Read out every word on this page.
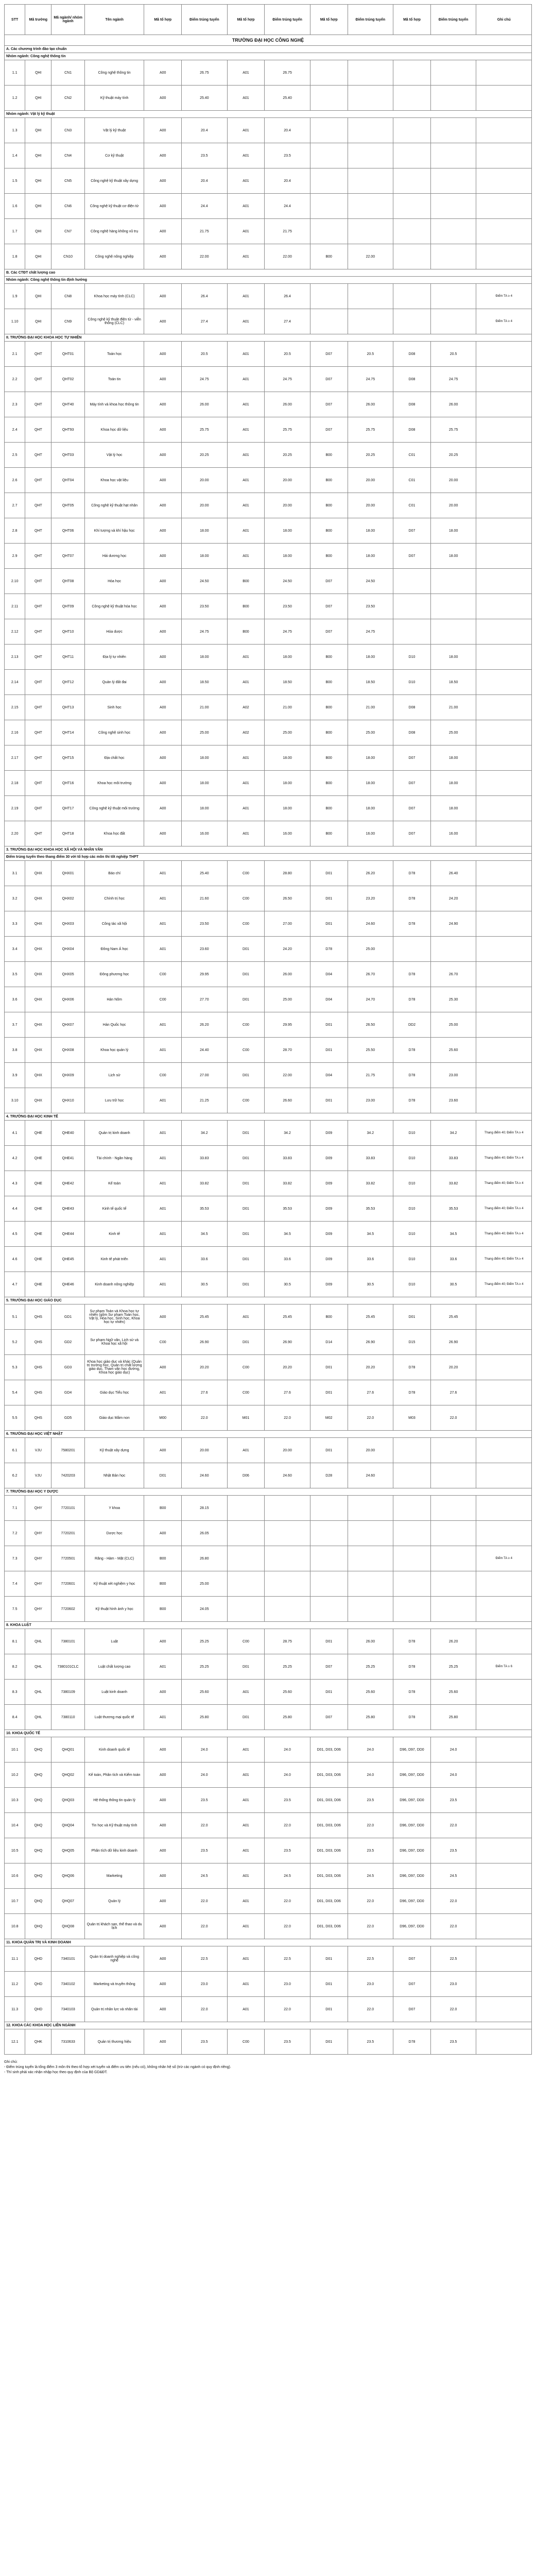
STT	Mã trường	Mã ngành/ nhóm ngành	Tên ngành	Mã tổ hợp	Điểm trúng tuyển	Mã tổ hợp	Điểm trúng tuyển	Mã tổ hợp	Điểm trúng tuyển	Mã tổ hợp	Điểm trúng tuyển	Ghi chú
TRƯỜNG ĐẠI HỌC CÔNG NGHỆ												
A. Các chương trình đào tạo chuẩn												
Nhóm ngành: Công nghệ thông tin												
1.1	QHI	CN1	Công nghệ thông tin	A00	26.75	A01	26.75					
1.2	QHI	CN2	Kỹ thuật máy tính	A00	25.40	A01	25.40					
Nhóm ngành: Vật lý kỹ thuật												
1.3	QHI	CN3	Vật lý kỹ thuật	A00	20.4	A01	20.4					
1.4	QHI	CN4	Cơ kỹ thuật	A00	23.5	A01	23.5					
1.5	QHI	CN5	Công nghệ kỹ thuật xây dựng	A00	20.4	A01	20.4					
1.6	QHI	CN6	Công nghệ kỹ thuật cơ điện tử	A00	24.4	A01	24.4					
1.7	QHI	CN7	Công nghệ hàng không vũ trụ	A00	21.75	A01	21.75					
1.8	QHI	CN10	Công nghệ nông nghiệp	A00	22.00	A01	22.00	B00	22.00			
B. Các CTĐT chất lượng cao												
Nhóm ngành: Công nghệ thông tin định hướng												
1.9	QHI	CN8	Khoa học máy tính (CLC)	A00	26.4	A01	26.4					Điểm TA ≥ 4
1.10	QHI	CN9	Công nghệ kỹ thuật điện tử - viễn thông (CLC)	A00	27.4	A01	27.4					Điểm TA ≥ 4
II. TRƯỜNG ĐẠI HỌC KHOA HỌC TỰ NHIÊN												
2.1	QHT	QHT01	Toán học	A00	20.5	A01	20.5	D07	20.5	D08	20.5	
2.2	QHT	QHT02	Toán tin	A00	24.75	A01	24.75	D07	24.75	D08	24.75	
2.3	QHT	QHT40	Máy tính và khoa học thông tin	A00	26.00	A01	26.00	D07	26.00	D08	26.00	
2.4	QHT	QHT93	Khoa học dữ liệu	A00	25.75	A01	25.75	D07	25.75	D08	25.75	
2.5	QHT	QHT03	Vật lý học	A00	20.25	A01	20.25	B00	20.25	C01	20.25	
2.6	QHT	QHT04	Khoa học vật liệu	A00	20.00	A01	20.00	B00	20.00	C01	20.00	
2.7	QHT	QHT05	Công nghệ kỹ thuật hạt nhân	A00	20.00	A01	20.00	B00	20.00	C01	20.00	
2.8	QHT	QHT06	Khí tượng và khí hậu học	A00	18.00	A01	18.00	B00	18.00	D07	18.00	
2.9	QHT	QHT07	Hải dương học	A00	18.00	A01	18.00	B00	18.00	D07	18.00	
2.10	QHT	QHT08	Hóa học	A00	24.50	B00	24.50	D07	24.50			
2.11	QHT	QHT09	Công nghệ kỹ thuật hóa học	A00	23.50	B00	23.50	D07	23.50			
2.12	QHT	QHT10	Hóa dược	A00	24.75	B00	24.75	D07	24.75			
2.13	QHT	QHT11	Địa lý tự nhiên	A00	18.00	A01	18.00	B00	18.00	D10	18.00	
2.14	QHT	QHT12	Quản lý đất đai	A00	18.50	A01	18.50	B00	18.50	D10	18.50	
2.15	QHT	QHT13	Sinh học	A00	21.00	A02	21.00	B00	21.00	D08	21.00	
2.16	QHT	QHT14	Công nghệ sinh học	A00	25.00	A02	25.00	B00	25.00	D08	25.00	
2.17	QHT	QHT15	Địa chất học	A00	18.00	A01	18.00	B00	18.00	D07	18.00	
2.18	QHT	QHT16	Khoa học môi trường	A00	18.00	A01	18.00	B00	18.00	D07	18.00	
2.19	QHT	QHT17	Công nghệ kỹ thuật môi trường	A00	18.00	A01	18.00	B00	18.00	D07	18.00	
2.20	QHT	QHT18	Khoa học đất	A00	16.00	A01	16.00	B00	16.00	D07	16.00	
3. TRƯỜNG ĐẠI HỌC KHOA HỌC XÃ HỘI VÀ NHÂN VĂN												
Điểm trúng tuyển theo thang điểm 30 với tổ hợp các môn thi tốt nghiệp THPT												
3.1	QHX	QHX01	Báo chí	A01	25.40	C00	28.80	D01	26.20	D78	26.40	
3.2	QHX	QHX02	Chính trị học	A01	21.60	C00	26.50	D01	23.20	D78	24.20	
3.3	QHX	QHX03	Công tác xã hội	A01	23.50	C00	27.00	D01	24.60	D78	24.90	
3.4	QHX	QHX04	Đông Nam Á học	A01	23.60	D01	24.20	D78	25.00			
3.5	QHX	QHX05	Đông phương học	C00	29.95	D01	26.00	D04	26.70	D78	26.70	
3.6	QHX	QHX06	Hán Nôm	C00	27.70	D01	25.00	D04	24.70	D78	25.30	
3.7	QHX	QHX07	Hàn Quốc học	A01	26.20	C00	29.95	D01	26.50	DD2	25.00	
3.8	QHX	QHX08	Khoa học quản lý	A01	24.40	C00	28.70	D01	25.50	D78	25.60	
3.9	QHX	QHX09	Lịch sử	C00	27.00	D01	22.00	D04	21.75	D78	23.00	
3.10	QHX	QHX10	Lưu trữ học	A01	21.25	C00	26.60	D01	23.00	D78	23.60	
4. TRƯỜNG ĐẠI HỌC KINH TẾ												
4.1	QHE	QHE40	Quản trị kinh doanh	A01	34.2	D01	34.2	D09	34.2	D10	34.2	Thang điểm 40; Điểm TA ≥ 4
4.2	QHE	QHE41	Tài chính - Ngân hàng	A01	33.83	D01	33.83	D09	33.83	D10	33.83	Thang điểm 40; Điểm TA ≥ 4
4.3	QHE	QHE42	Kế toán	A01	33.82	D01	33.82	D09	33.82	D10	33.82	Thang điểm 40; Điểm TA ≥ 4
4.4	QHE	QHE43	Kinh tế quốc tế	A01	35.53	D01	35.53	D09	35.53	D10	35.53	Thang điểm 40; Điểm TA ≥ 4
4.5	QHE	QHE44	Kinh tế	A01	34.5	D01	34.5	D09	34.5	D10	34.5	Thang điểm 40; Điểm TA ≥ 4
4.6	QHE	QHE45	Kinh tế phát triển	A01	33.6	D01	33.6	D09	33.6	D10	33.6	Thang điểm 40; Điểm TA ≥ 4
4.7	QHE	QHE46	Kinh doanh nông nghiệp	A01	30.5	D01	30.5	D09	30.5	D10	30.5	Thang điểm 40; Điểm TA ≥ 4
5. TRƯỜNG ĐẠI HỌC GIÁO DỤC												
5.1	QHS	GD1	Sư phạm Toán và Khoa học tự nhiên (gồm Sư phạm Toán học, Vật lý, Hóa học, Sinh học, Khoa học tự nhiên)	A00	25.45	A01	25.45	B00	25.45	D01	25.45	
5.2	QHS	GD2	Sư phạm Ngữ văn, Lịch sử và Khoa học xã hội	C00	26.90	D01	26.90	D14	26.90	D15	26.90	
5.3	QHS	GD3	Khoa học giáo dục và khác (Quản trị trường học, Quản trị chất lượng giáo dục, Tham vấn học đường, Khoa học giáo dục)	A00	20.20	C00	20.20	D01	20.20	D78	20.20	
5.4	QHS	GD4	Giáo dục Tiểu học	A01	27.6	C00	27.6	D01	27.6	D78	27.6	
5.5	QHS	GD5	Giáo dục Mầm non	M00	22.0	M01	22.0	M02	22.0	M03	22.0	
6. TRƯỜNG ĐẠI HỌC VIỆT NHẬT												
6.1	VJU	7580201	Kỹ thuật xây dựng	A00	20.00	A01	20.00	D01	20.00			
6.2	VJU	7420203	Nhật Bản học	D01	24.60	D06	24.60	D28	24.60			
7. TRƯỜNG ĐẠI HỌC Y DƯỢC												
7.1	QHY	7720101	Y khoa	B00	28.15							
7.2	QHY	7720201	Dược học	A00	26.05							
7.3	QHY	7720501	Răng - Hàm - Mặt (CLC)	B00	26.80							Điểm TA ≥ 4
7.4	QHY	7720601	Kỹ thuật xét nghiệm y học	B00	25.00							
7.5	QHY	7720602	Kỹ thuật hình ảnh y học	B00	24.05							
8. KHOA LUẬT												
8.1	QHL	7380101	Luật	A00	25.25	C00	28.75	D01	26.00	D78	26.20	
8.2	QHL	7380101CLC	Luật chất lượng cao	A01	25.25	D01	25.25	D07	25.25	D78	25.25	Điểm TA ≥ 6
8.3	QHL	7380109	Luật kinh doanh	A00	25.60	A01	25.60	D01	25.60	D78	25.60	
8.4	QHL	7380110	Luật thương mại quốc tế	A01	25.80	D01	25.80	D07	25.80	D78	25.80	
10. KHOA QUỐC TẾ												
10.1	QHQ	QHQ01	Kinh doanh quốc tế	A00	24.0	A01	24.0	D01, D03, D06	24.0	D96, D97, DD0	24.0	
10.2	QHQ	QHQ02	Kế toán, Phân tích và Kiểm toán	A00	24.0	A01	24.0	D01, D03, D06	24.0	D96, D97, DD0	24.0	
10.3	QHQ	QHQ03	Hệ thống thông tin quản lý	A00	23.5	A01	23.5	D01, D03, D06	23.5	D96, D97, DD0	23.5	
10.4	QHQ	QHQ04	Tin học và Kỹ thuật máy tính	A00	22.0	A01	22.0	D01, D03, D06	22.0	D96, D97, DD0	22.0	
10.5	QHQ	QHQ05	Phân tích dữ liệu kinh doanh	A00	23.5	A01	23.5	D01, D03, D06	23.5	D96, D97, DD0	23.5	
10.6	QHQ	QHQ06	Marketing	A00	24.5	A01	24.5	D01, D03, D06	24.5	D96, D97, DD0	24.5	
10.7	QHQ	QHQ07	Quản lý	A00	22.0	A01	22.0	D01, D03, D06	22.0	D96, D97, DD0	22.0	
10.8	QHQ	QHQ08	Quản trị khách sạn, thể thao và du lịch	A00	22.0	A01	22.0	D01, D03, D06	22.0	D96, D97, DD0	22.0	
11. KHOA QUẢN TRỊ VÀ KINH DOANH												
11.1	QHD	7340101	Quản trị doanh nghiệp và công nghệ	A00	22.5	A01	22.5	D01	22.5	D07	22.5	
11.2	QHD	7340102	Marketing và truyền thông	A00	23.0	A01	23.0	D01	23.0	D07	23.0	
11.3	QHD	7340103	Quản trị nhân lực và nhân tài	A00	22.0	A01	22.0	D01	22.0	D07	22.0	
12. KHOA CÁC KHOA HỌC LIÊN NGÀNH												
12.1	QHK	7310633	Quản trị thương hiệu	A00	23.5	C00	23.5	D01	23.5	D78	23.5	
Ghi chú:
- Điểm trúng tuyển là tổng điểm 3 môn thi theo tổ hợp xét tuyển và điểm ưu tiên (nếu có), không nhân hệ số (trừ các ngành có quy định riêng).
- Thí sinh phải xác nhận nhập học theo quy định của Bộ GD&ĐT.
